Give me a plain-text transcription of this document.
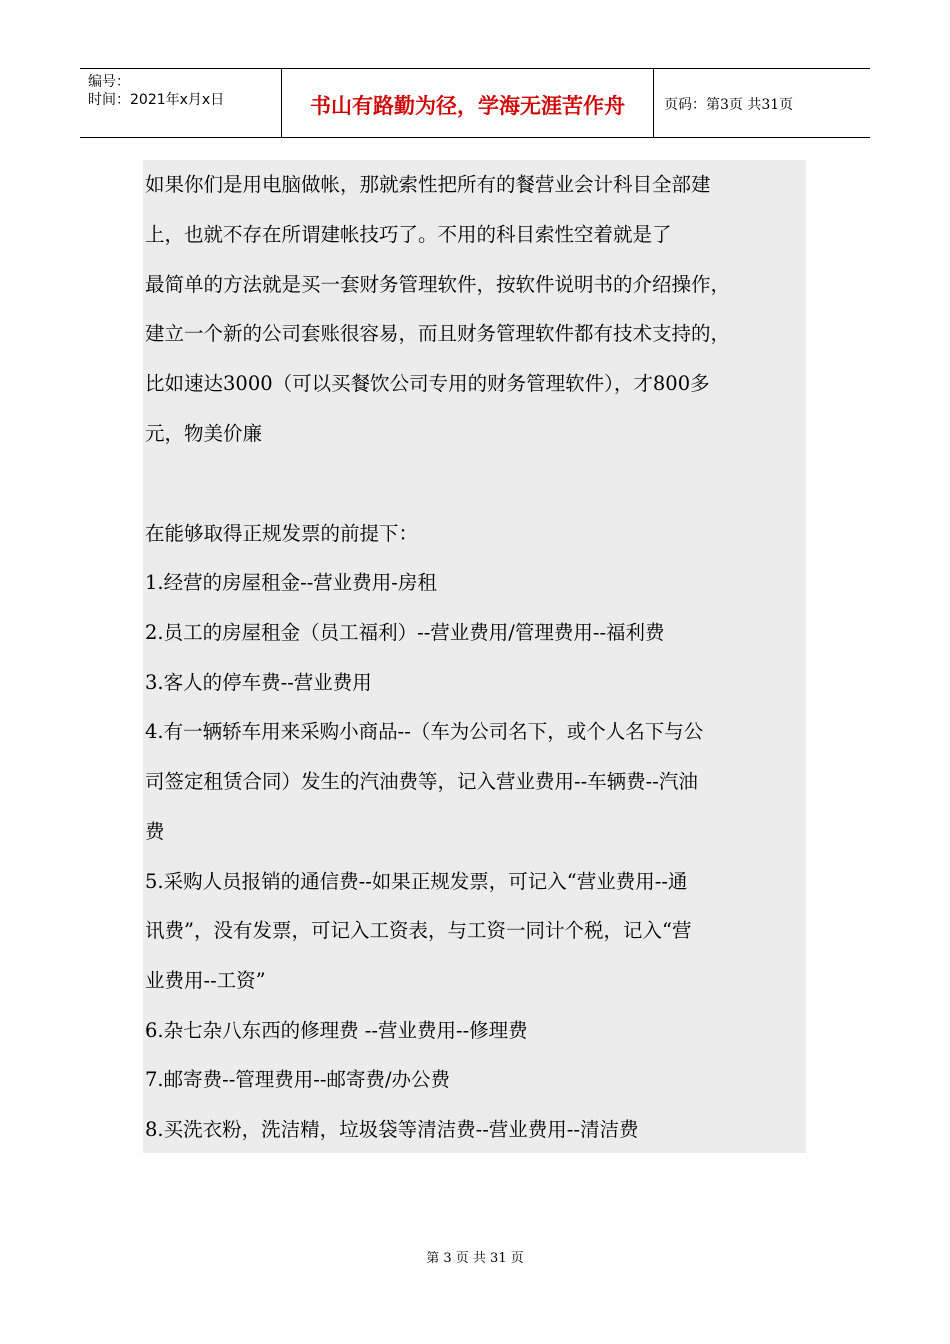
编号：
时间：2021年x月x日	书山有路勤为径，学海无涯苦作舟	页码：第3页 共31页
如果你们是用电脑做帐，那就索性把所有的餐营业会计科目全部建
上，也就不存在所谓建帐技巧了。不用的科目索性空着就是了
最简单的方法就是买一套财务管理软件，按软件说明书的介绍操作，
建立一个新的公司套账很容易，而且财务管理软件都有技术支持的，
比如速达3000（可以买餐饮公司专用的财务管理软件），才800多
元，物美价廉
在能够取得正规发票的前提下：
1.经营的房屋租金--营业费用-房租
2.员工的房屋租金（员工福利）--营业费用/管理费用--福利费
3.客人的停车费--营业费用
4.有一辆轿车用来采购小商品--（车为公司名下，或个人名下与公
司签定租赁合同）发生的汽油费等，记入营业费用--车辆费--汽油
费
5.采购人员报销的通信费--如果正规发票，可记入“营业费用--通
讯费”，没有发票，可记入工资表，与工资一同计个税，记入“营
业费用--工资”
6.杂七杂八东西的修理费 --营业费用--修理费
7.邮寄费--管理费用--邮寄费/办公费
8.买洗衣粉，洗洁精，垃圾袋等清洁费--营业费用--清洁费
第 3 页 共 31 页
